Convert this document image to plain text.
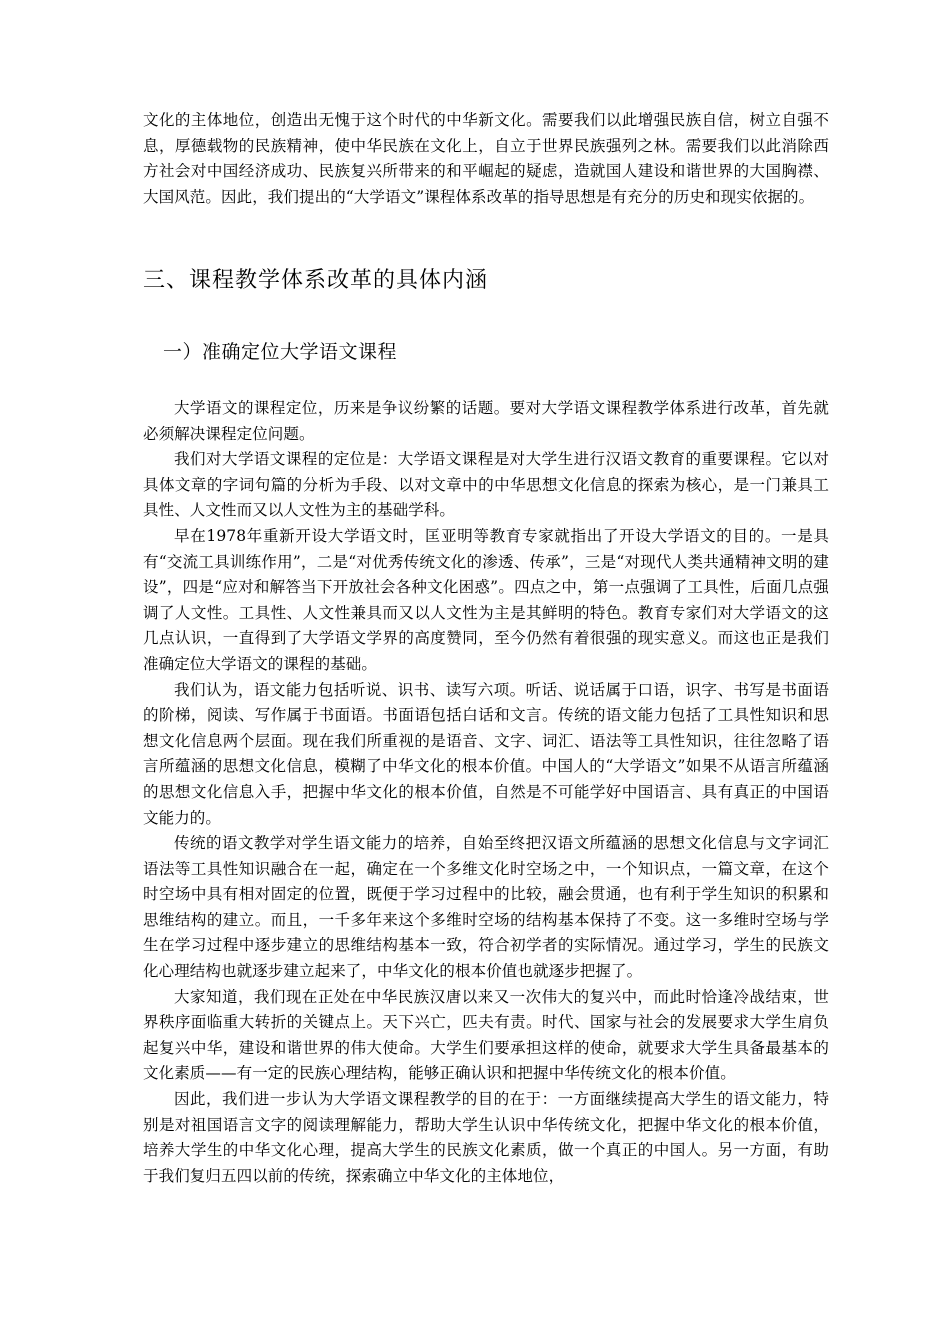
文化的主体地位，创造出无愧于这个时代的中华新文化。需要我们以此增强民族自信，树立自强不息，厚德载物的民族精神，使中华民族在文化上，自立于世界民族强列之林。需要我们以此消除西方社会对中国经济成功、民族复兴所带来的和平崛起的疑虑，造就国人建设和谐世界的大国胸襟、大国风范。因此，我们提出的“大学语文”课程体系改革的指导思想是有充分的历史和现实依据的。

三、课程教学体系改革的具体内涵
一）准确定位大学语文课程

大学语文的课程定位，历来是争议纷繁的话题。要对大学语文课程教学体系进行改革，首先就必须解决课程定位问题。

我们对大学语文课程的定位是：大学语文课程是对大学生进行汉语文教育的重要课程。它以对具体文章的字词句篇的分析为手段、以对文章中的中华思想文化信息的探索为核心，是一门兼具工具性、人文性而又以人文性为主的基础学科。

早在1978年重新开设大学语文时，匡亚明等教育专家就指出了开设大学语文的目的。一是具有“交流工具训练作用”，二是“对优秀传统文化的渗透、传承”，三是“对现代人类共通精神文明的建设”，四是“应对和解答当下开放社会各种文化困惑”。四点之中，第一点强调了工具性，后面几点强调了人文性。工具性、人文性兼具而又以人文性为主是其鲜明的特色。教育专家们对大学语文的这几点认识，一直得到了大学语文学界的高度赞同，至今仍然有着很强的现实意义。而这也正是我们准确定位大学语文的课程的基础。

我们认为，语文能力包括听说、识书、读写六项。听话、说话属于口语，识字、书写是书面语的阶梯，阅读、写作属于书面语。书面语包括白话和文言。传统的语文能力包括了工具性知识和思想文化信息两个层面。现在我们所重视的是语音、文字、词汇、语法等工具性知识，往往忽略了语言所蕴涵的思想文化信息，模糊了中华文化的根本价值。中国人的“大学语文”如果不从语言所蕴涵的思想文化信息入手，把握中华文化的根本价值，自然是不可能学好中国语言、具有真正的中国语文能力的。

传统的语文教学对学生语文能力的培养，自始至终把汉语文所蕴涵的思想文化信息与文字词汇语法等工具性知识融合在一起，确定在一个多维文化时空场之中，一个知识点，一篇文章，在这个时空场中具有相对固定的位置，既便于学习过程中的比较，融会贯通，也有利于学生知识的积累和思维结构的建立。而且，一千多年来这个多维时空场的结构基本保持了不变。这一多维时空场与学生在学习过程中逐步建立的思维结构基本一致，符合初学者的实际情况。通过学习，学生的民族文化心理结构也就逐步建立起来了，中华文化的根本价值也就逐步把握了。

大家知道，我们现在正处在中华民族汉唐以来又一次伟大的复兴中，而此时恰逢冷战结束，世界秩序面临重大转折的关键点上。天下兴亡，匹夫有责。时代、国家与社会的发展要求大学生肩负起复兴中华，建设和谐世界的伟大使命。大学生们要承担这样的使命，就要求大学生具备最基本的文化素质——有一定的民族心理结构，能够正确认识和把握中华传统文化的根本价值。

因此，我们进一步认为大学语文课程教学的目的在于：一方面继续提高大学生的语文能力，特别是对祖国语言文字的阅读理解能力，帮助大学生认识中华传统文化，把握中华文化的根本价值，培养大学生的中华文化心理，提高大学生的民族文化素质，做一个真正的中国人。另一方面，有助于我们复归五四以前的传统，探索确立中华文化的主体地位，
